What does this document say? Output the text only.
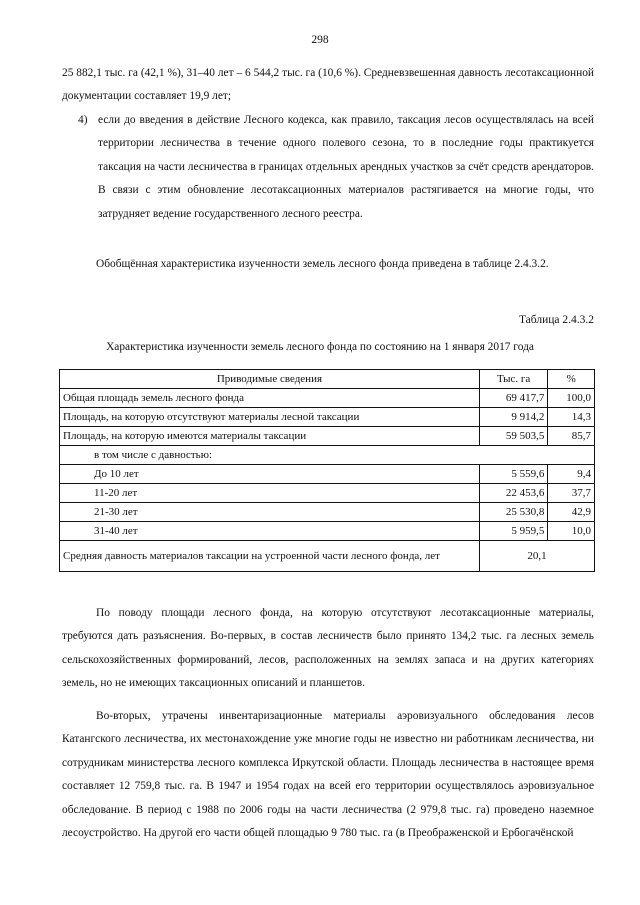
298

25 882,1 тыс. га (42,1 %), 31–40 лет – 6 544,2 тыс. га (10,6 %). Средневзвешенная давность лесотаксационной документации составляет 19,9 лет;

4) если до введения в действие Лесного кодекса, как правило, таксация лесов осуществлялась на всей территории лесничества в течение одного полевого сезона, то в последние годы практикуется таксация на части лесничества в границах отдельных арендных участков за счёт средств арендаторов. В связи с этим обновление лесотаксационных материалов растягивается на многие годы, что затрудняет ведение государственного лесного реестра.

Обобщённая характеристика изученности земель лесного фонда приведена в таблице 2.4.3.2.

Таблица 2.4.3.2
Характеристика изученности земель лесного фонда по состоянию на 1 января 2017 года
Приводимые сведения	Тыс. га	%
Общая площадь земель лесного фонда	69 417,7	100,0
Площадь, на которую отсутствуют материалы лесной таксации	9 914,2	14,3
Площадь, на которую имеются материалы таксации	59 503,5	85,7
в том числе с давностью:		
До 10 лет	5 559,6	9,4
11-20 лет	22 453,6	37,7
21-30 лет	25 530,8	42,9
31-40 лет	5 959,5	10,0
Средняя давность материалов таксации на устроенной части лесного фонда, лет	20,1	

По поводу площади лесного фонда, на которую отсутствуют лесотаксационные материалы, требуются дать разъяснения. Во-первых, в состав лесничеств было принято 134,2 тыс. га лесных земель сельскохозяйственных формирований, лесов, расположенных на землях запаса и на других категориях земель, но не имеющих таксационных описаний и планшетов.

Во-вторых, утрачены инвентаризационные материалы аэровизуального обследования лесов Катангского лесничества, их местонахождение уже многие годы не известно ни работникам лесничества, ни сотрудникам министерства лесного комплекса Иркутской области. Площадь лесничества в настоящее время составляет 12 759,8 тыс. га. В 1947 и 1954 годах на всей его территории осуществлялось аэровизуальное обследование. В период с 1988 по 2006 годы на части лесничества (2 979,8 тыс. га) проведено наземное лесоустройство. На другой его части общей площадью 9 780 тыс. га (в Преображенской и Ербогачёнской
